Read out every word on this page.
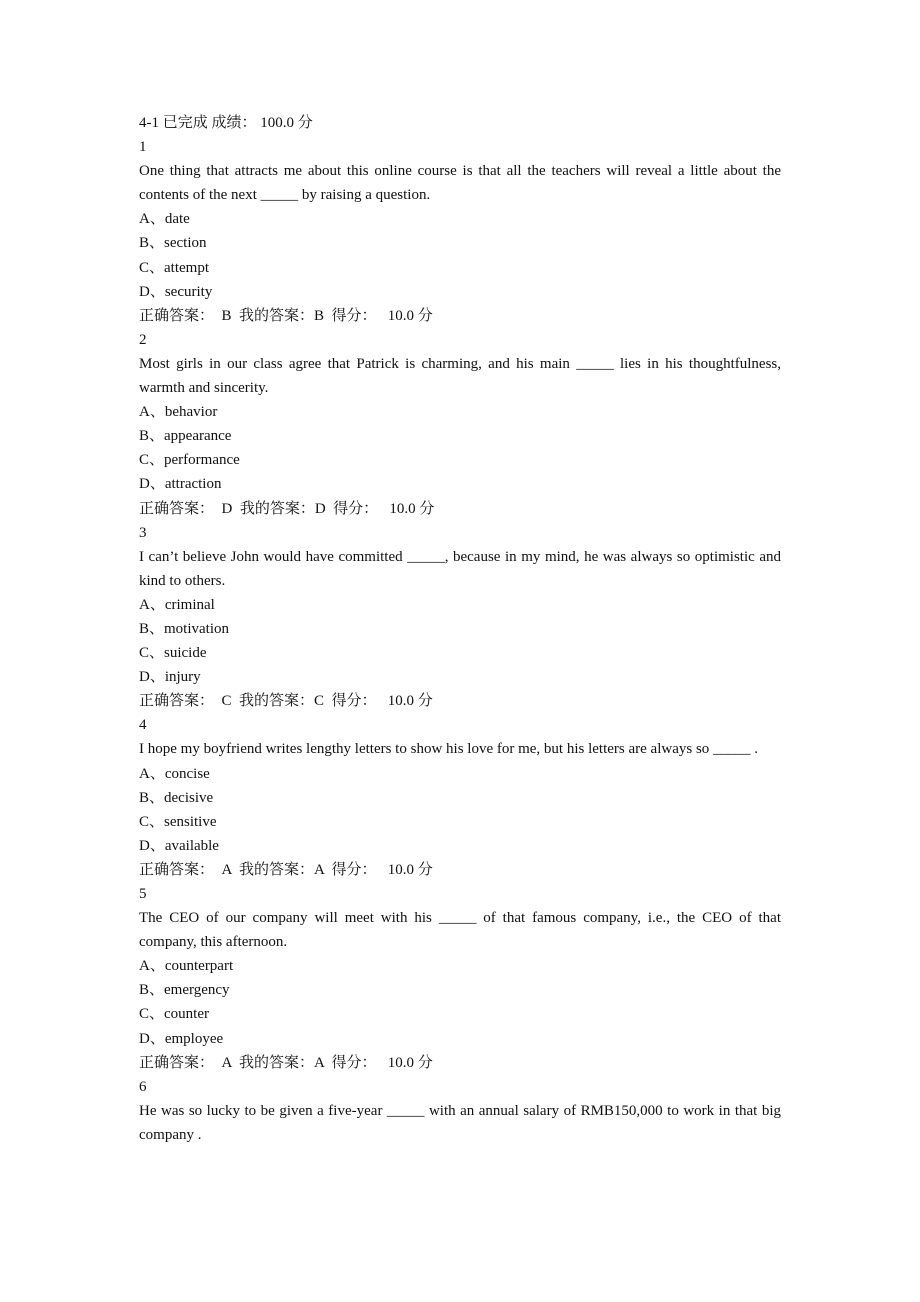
4-1 已完成 成绩： 100.0 分
1
One thing that attracts me about this online course is that all the teachers will reveal a little about the contents of the next _____ by raising a question.
A、date
B、section
C、attempt
D、security
正确答案：  B  我的答案：B  得分：   10.0 分
2
Most girls in our class agree that Patrick is charming, and his main _____ lies in his thoughtfulness, warmth and sincerity.
A、behavior
B、appearance
C、performance
D、attraction
正确答案：  D  我的答案：D  得分：   10.0 分
3
I can’t believe John would have committed _____, because in my mind, he was always so optimistic and kind to others.
A、criminal
B、motivation
C、suicide
D、injury
正确答案：  C  我的答案：C  得分：   10.0 分
4
I hope my boyfriend writes lengthy letters to show his love for me, but his letters are always so _____ .
A、concise
B、decisive
C、sensitive
D、available
正确答案：  A  我的答案：A  得分：   10.0 分
5
The CEO of our company will meet with his _____ of that famous company, i.e., the CEO of that company, this afternoon.
A、counterpart
B、emergency
C、counter
D、employee
正确答案：  A  我的答案：A  得分：   10.0 分
6
He was so lucky to be given a five-year _____ with an annual salary of RMB150,000 to work in that big company .
